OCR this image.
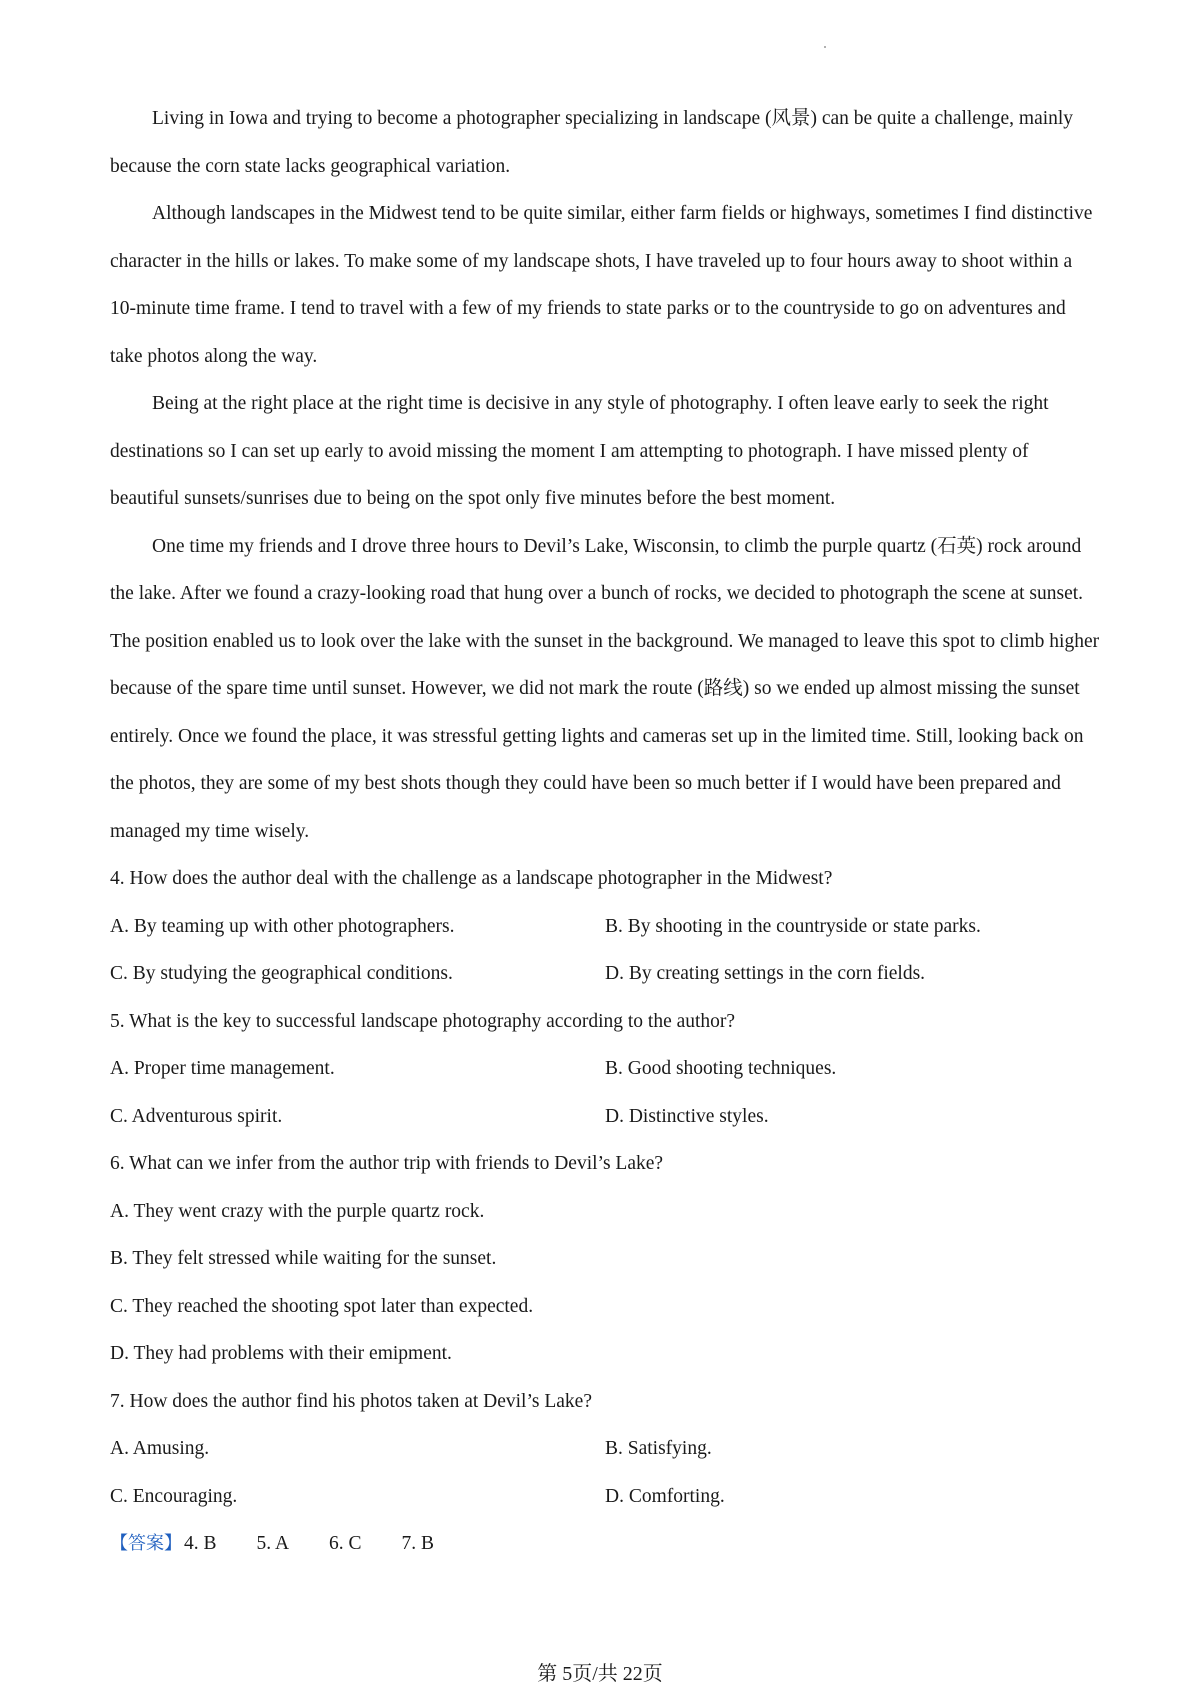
Living in Iowa and trying to become a photographer specializing in landscape (风景) can be quite a challenge, mainly because the corn state lacks geographical variation.

Although landscapes in the Midwest tend to be quite similar, either farm fields or highways, sometimes I find distinctive character in the hills or lakes. To make some of my landscape shots, I have traveled up to four hours away to shoot within a 10-minute time frame. I tend to travel with a few of my friends to state parks or to the countryside to go on adventures and take photos along the way.

Being at the right place at the right time is decisive in any style of photography. I often leave early to seek the right destinations so I can set up early to avoid missing the moment I am attempting to photograph. I have missed plenty of beautiful sunsets/sunrises due to being on the spot only five minutes before the best moment.

One time my friends and I drove three hours to Devil’s Lake, Wisconsin, to climb the purple quartz (石英) rock around the lake. After we found a crazy-looking road that hung over a bunch of rocks, we decided to photograph the scene at sunset. The position enabled us to look over the lake with the sunset in the background. We managed to leave this spot to climb higher because of the spare time until sunset. However, we did not mark the route (路线) so we ended up almost missing the sunset entirely. Once we found the place, it was stressful getting lights and cameras set up in the limited time. Still, looking back on the photos, they are some of my best shots though they could have been so much better if I would have been prepared and managed my time wisely.

4. How does the author deal with the challenge as a landscape photographer in the Midwest?

A. By teaming up with other photographers.	B. By shooting in the countryside or state parks.
C. By studying the geographical conditions.	D. By creating settings in the corn fields.

5. What is the key to successful landscape photography according to the author?

A. Proper time management.	B. Good shooting techniques.
C. Adventurous spirit.	D. Distinctive styles.

6. What can we infer from the author trip with friends to Devil’s Lake?

A. They went crazy with the purple quartz rock.

B. They felt stressed while waiting for the sunset.

C. They reached the shooting spot later than expected.

D. They had problems with their emipment.

7. How does the author find his photos taken at Devil’s Lake?

A. Amusing.	B. Satisfying.
C. Encouraging.	D. Comforting.

【答案】 4. B 5. A 6. C 7. B

第 5页/共 22页
